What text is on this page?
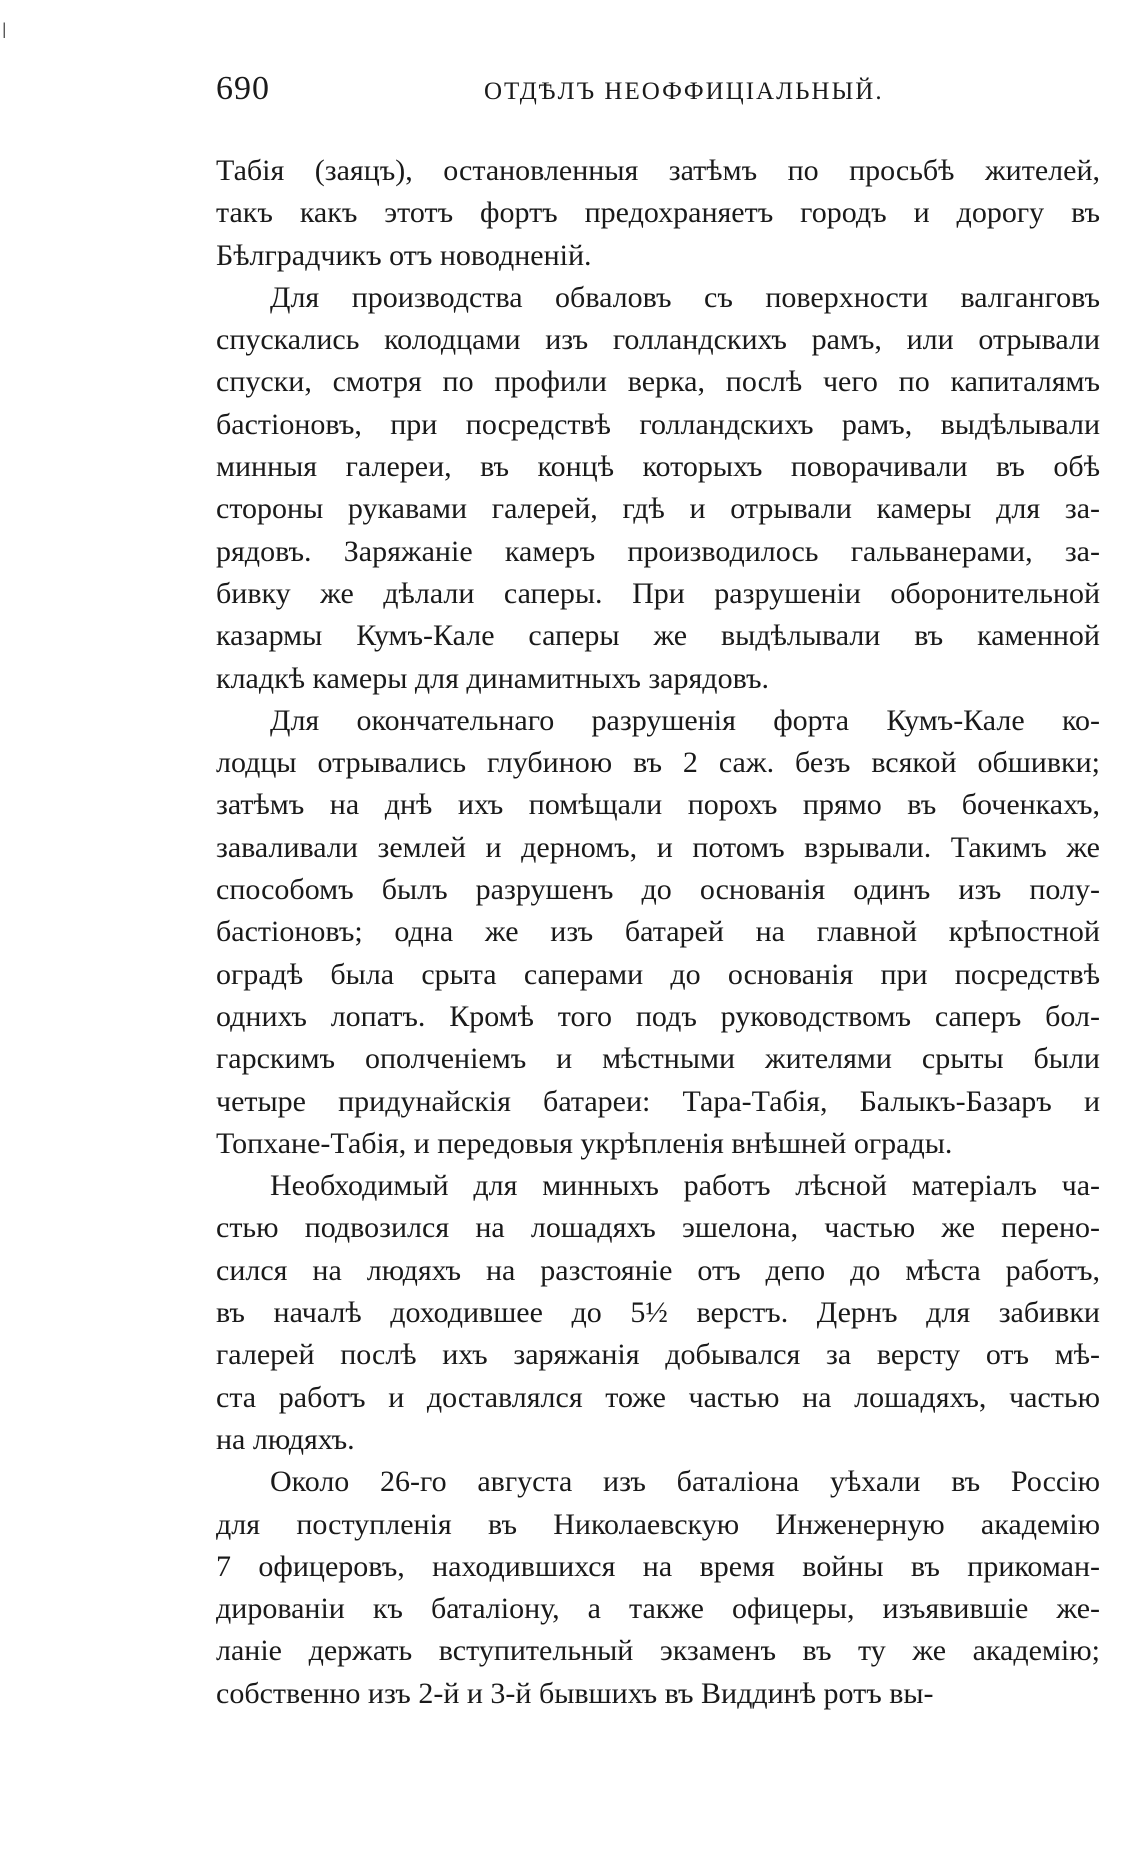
ǀ
690	ОТДѢЛЪ НЕОФФИЦІАЛЬНЫЙ.
Табія (заяцъ), остановленныя затѣмъ по просьбѣ жителей,
такъ какъ этотъ фортъ предохраняетъ городъ и дорогу въ
Бѣлградчикъ отъ новодненій.
Для производства обваловъ съ поверхности валганговъ
спускались колодцами изъ голландскихъ рамъ, или отрывали
спуски, смотря по профили верка, послѣ чего по капиталямъ
бастіоновъ, при посредствѣ голландскихъ рамъ, выдѣлывали
минныя галереи, въ концѣ которыхъ поворачивали въ обѣ
стороны рукавами галерей, гдѣ и отрывали камеры для за-
рядовъ. Заряжаніе камеръ производилось гальванерами, за-
бивку же дѣлали саперы. При разрушеніи оборонительной
казармы Кумъ-Кале саперы же выдѣлывали въ каменной
кладкѣ камеры для динамитныхъ зарядовъ.
Для окончательнаго разрушенія форта Кумъ-Кале ко-
лодцы отрывались глубиною въ 2 саж. безъ всякой обшивки;
затѣмъ на днѣ ихъ помѣщали порохъ прямо въ боченкахъ,
заваливали землей и дерномъ, и потомъ взрывали. Такимъ же
способомъ былъ разрушенъ до основанія одинъ изъ полу-
бастіоновъ; одна же изъ батарей на главной крѣпостной
оградѣ была срыта саперами до основанія при посредствѣ
однихъ лопатъ. Кромѣ того подъ руководствомъ саперъ бол-
гарскимъ ополченіемъ и мѣстными жителями срыты были
четыре придунайскія батареи: Тара-Табія, Балыкъ-Базаръ и
Топхане-Табія, и передовыя укрѣпленія внѣшней ограды.
Необходимый для минныхъ работъ лѣсной матеріалъ ча-
стью подвозился на лошадяхъ эшелона, частью же перено-
сился на людяхъ на разстояніе отъ депо до мѣста работъ,
въ началѣ доходившее до 5½ верстъ. Дернъ для забивки
галерей послѣ ихъ заряжанія добывался за версту отъ мѣ-
ста работъ и доставлялся тоже частью на лошадяхъ, частью
на людяхъ.
Около 26-го августа изъ баталіона уѣхали въ Россію
для поступленія въ Николаевскую Инженерную академію
7 офицеровъ, находившихся на время войны въ прикоман-
дированіи къ баталіону, а также офицеры, изъявившіе же-
ланіе держать вступительный экзаменъ въ ту же академію;
собственно изъ 2-й и 3-й бывшихъ въ Виддинѣ ротъ вы-
